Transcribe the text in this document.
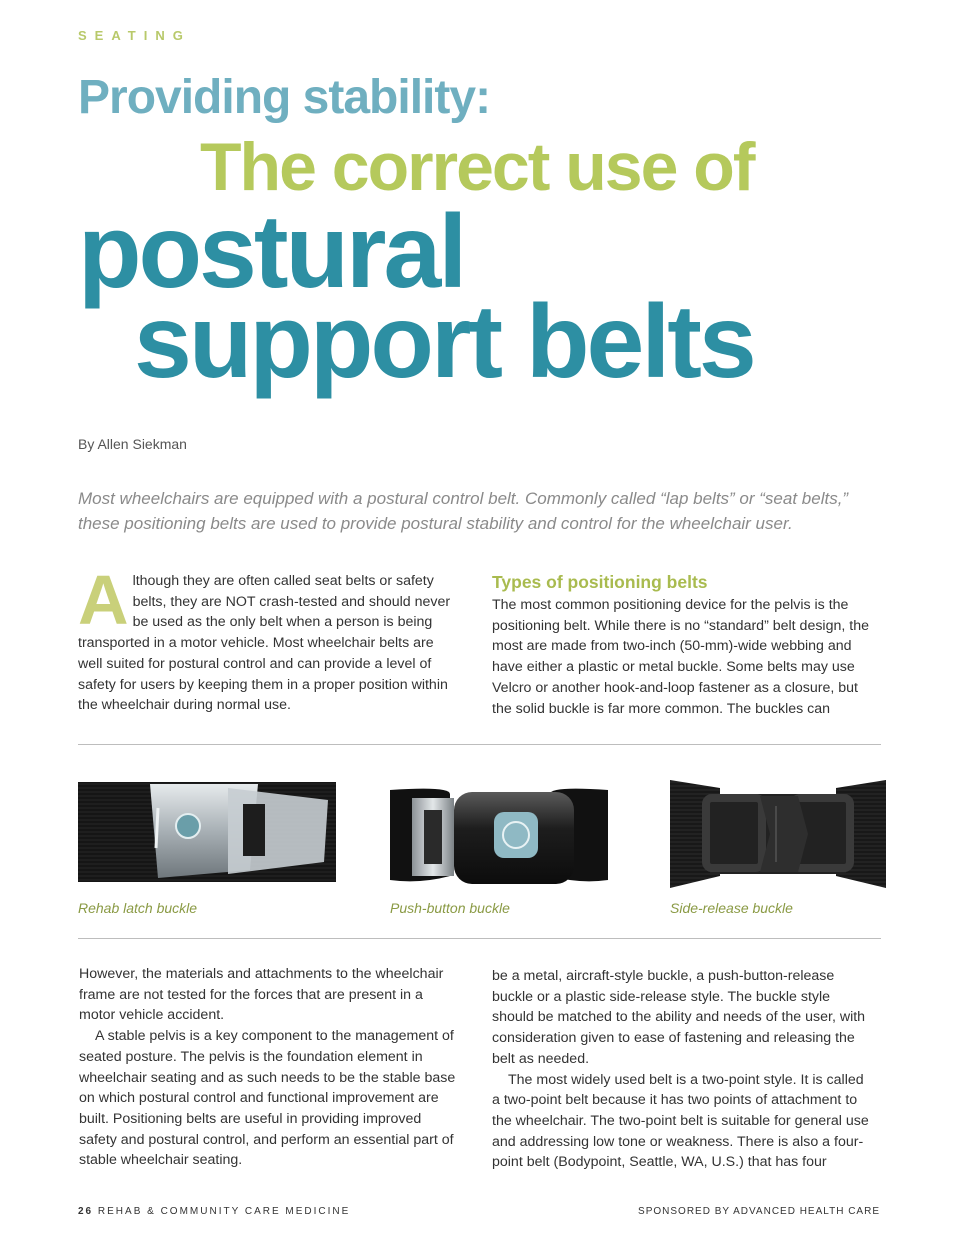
SEATING
Providing stability:
The correct use of
postural
support belts
By Allen Siekman
Most wheelchairs are equipped with a postural control belt. Commonly called “lap belts” or “seat belts,” these positioning belts are used to provide postural stability and control for the wheelchair user.
A lthough they are often called seat belts or safety belts, they are NOT crash-tested and should never be used as the only belt when a person is being transported in a motor vehicle. Most wheelchair belts are well suited for postural control and can provide a level of safety for users by keeping them in a proper position within the wheelchair during normal use.

Types of positioning belts

The most common positioning device for the pelvis is the positioning belt. While there is no “standard” belt design, the most are made from two-inch (50-mm)-wide webbing and have either a plastic or metal buckle. Some belts may use Velcro or another hook-and-loop fastener as a closure, but the solid buckle is far more common. The buckles can

Rehab latch buckle	Push-button buckle	Side-release buckle

However, the materials and attachments to the wheelchair frame are not tested for the forces that are present in a motor vehicle accident.

A stable pelvis is a key component to the management of seated posture. The pelvis is the foundation element in wheelchair seating and as such needs to be the stable base on which postural control and functional improvement are built. Positioning belts are useful in providing improved safety and postural control, and perform an essential part of stable wheelchair seating.

be a metal, aircraft-style buckle, a push-button-release buckle or a plastic side-release style. The buckle style should be matched to the ability and needs of the user, with consideration given to ease of fastening and releasing the belt as needed.

The most widely used belt is a two-point style. It is called a two-point belt because it has two points of attachment to the wheelchair. The two-point belt is suitable for general use and addressing low tone or weakness. There is also a four-point belt (Bodypoint, Seattle, WA, U.S.) that has four

26 REHAB & COMMUNITY CARE MEDICINE	SPONSORED BY ADVANCED HEALTH CARE
